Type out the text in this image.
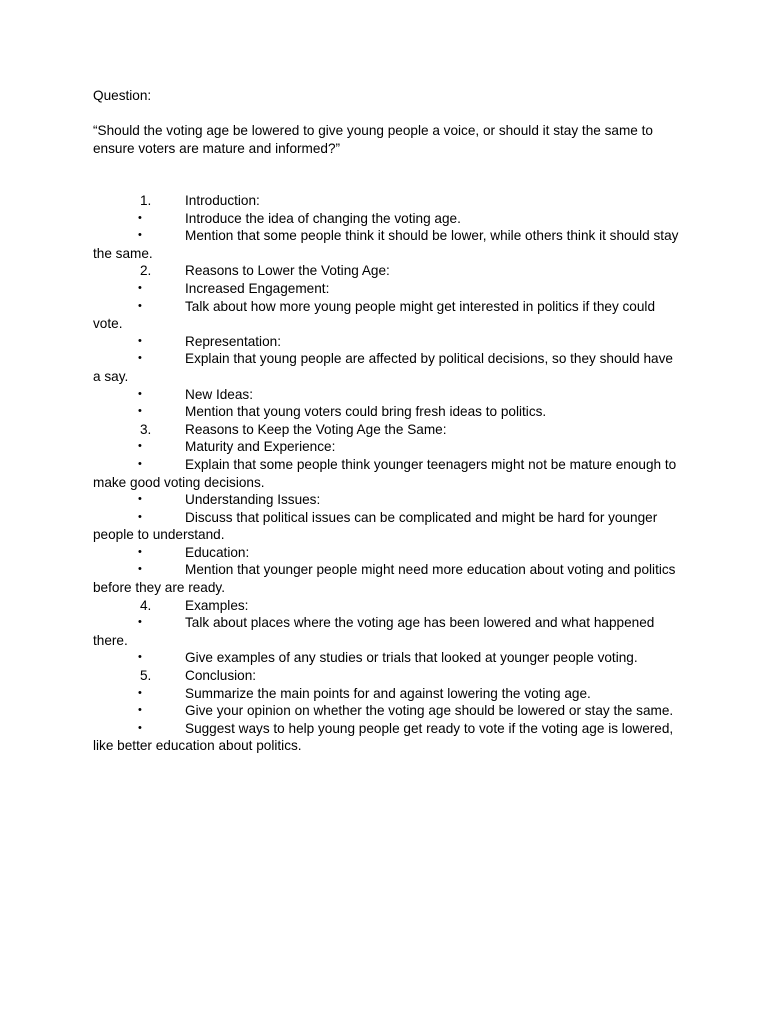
Question:
“Should the voting age be lowered to give young people a voice, or should it stay the same to ensure voters are mature and informed?”
1. Introduction:
•	Introduce the idea of changing the voting age.
•	Mention that some people think it should be lower, while others think it should stay the same.
2. Reasons to Lower the Voting Age:
•	Increased Engagement:
•	Talk about how more young people might get interested in politics if they could vote.
•	Representation:
•	Explain that young people are affected by political decisions, so they should have a say.
•	New Ideas:
•	Mention that young voters could bring fresh ideas to politics.
3. Reasons to Keep the Voting Age the Same:
•	Maturity and Experience:
•	Explain that some people think younger teenagers might not be mature enough to make good voting decisions.
•	Understanding Issues:
•	Discuss that political issues can be complicated and might be hard for younger people to understand.
•	Education:
•	Mention that younger people might need more education about voting and politics before they are ready.
4. Examples:
•	Talk about places where the voting age has been lowered and what happened there.
•	Give examples of any studies or trials that looked at younger people voting.
5. Conclusion:
•	Summarize the main points for and against lowering the voting age.
•	Give your opinion on whether the voting age should be lowered or stay the same.
•	Suggest ways to help young people get ready to vote if the voting age is lowered, like better education about politics.
